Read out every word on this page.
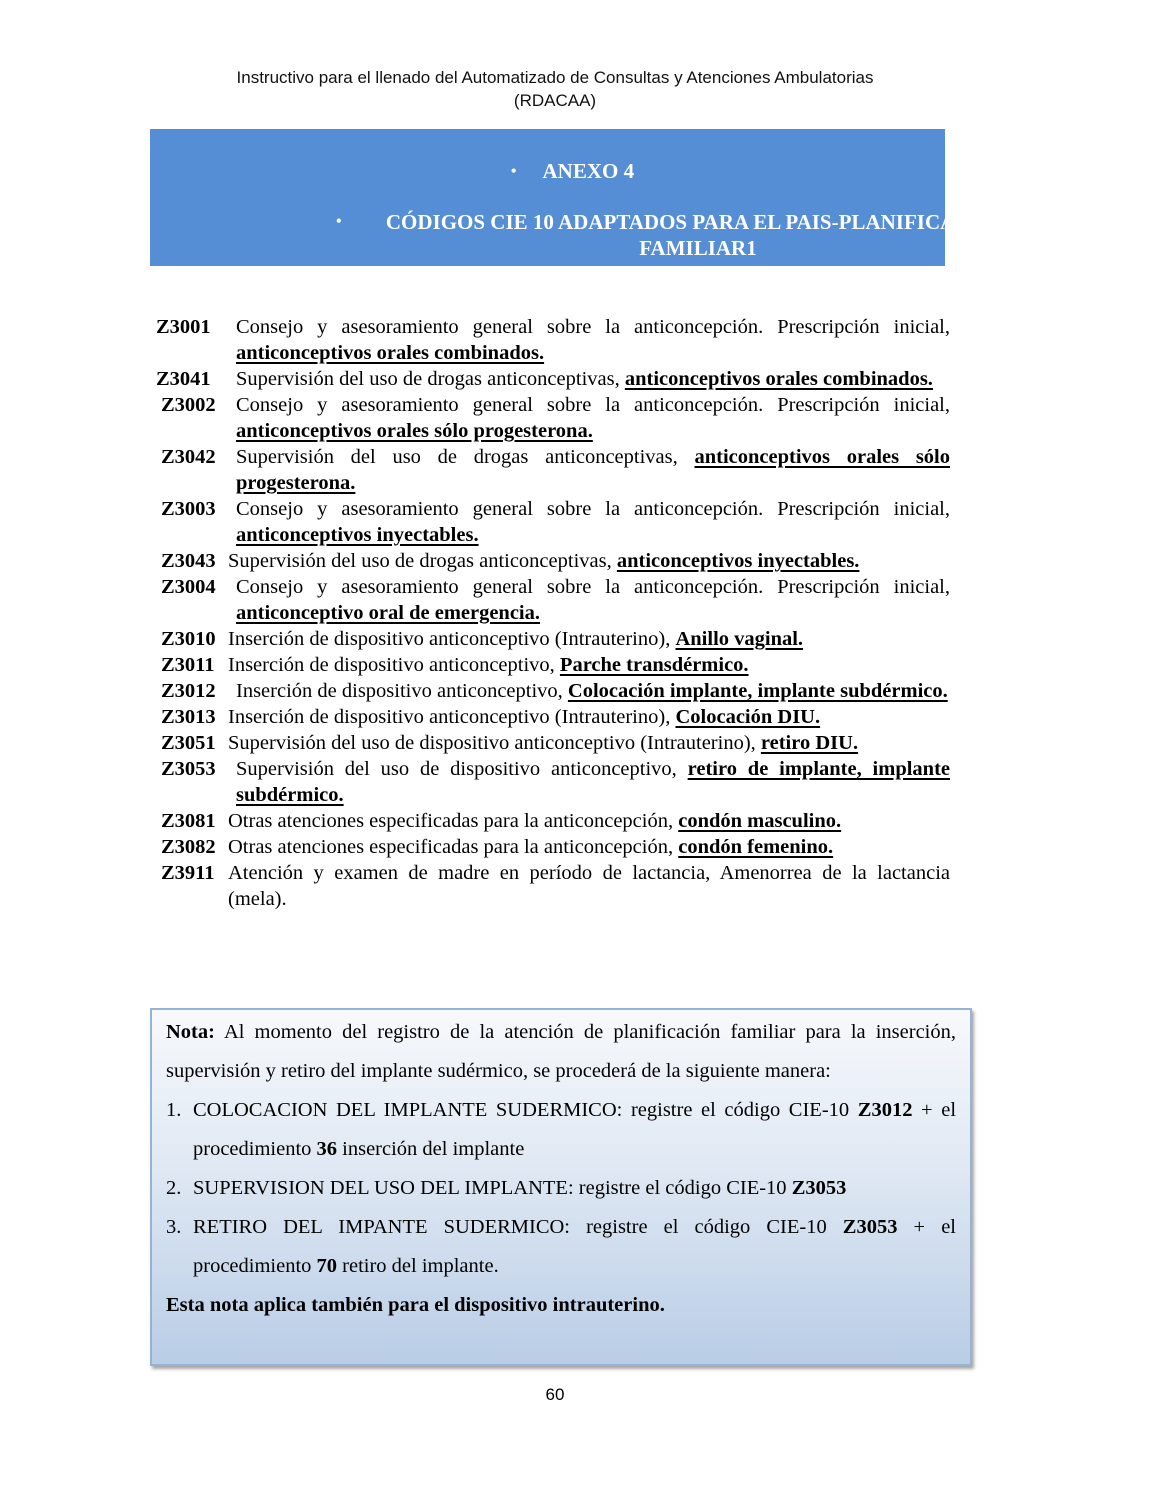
Instructivo para el llenado del Automatizado de Consultas y Atenciones Ambulatorias
(RDACAA)
• ANEXO 4
• CÓDIGOS CIE 10 ADAPTADOS PARA EL PAIS-PLANIFICACIÓN FAMILIAR1
Z3001	Consejo y asesoramiento general sobre la anticoncepción. Prescripción inicial, anticonceptivos orales combinados.
Z3041	Supervisión del uso de drogas anticonceptivas, anticonceptivos orales combinados.
Z3002 Consejo y asesoramiento general sobre la anticoncepción. Prescripción inicial, anticonceptivos orales sólo progesterona.
Z3042 Supervisión del uso de drogas anticonceptivas, anticonceptivos orales sólo progesterona.
Z3003 Consejo y asesoramiento general sobre la anticoncepción. Prescripción inicial, anticonceptivos inyectables.
Z3043 Supervisión del uso de drogas anticonceptivas, anticonceptivos inyectables.
Z3004 Consejo y asesoramiento general sobre la anticoncepción. Prescripción inicial, anticonceptivo oral de emergencia.
Z3010 Inserción de dispositivo anticonceptivo (Intrauterino), Anillo vaginal.
Z3011 Inserción de dispositivo anticonceptivo, Parche transdérmico.
Z3012 Inserción de dispositivo anticonceptivo, Colocación implante, implante subdérmico.
Z3013 Inserción de dispositivo anticonceptivo (Intrauterino), Colocación DIU.
Z3051 Supervisión del uso de dispositivo anticonceptivo (Intrauterino), retiro DIU.
Z3053 Supervisión del uso de dispositivo anticonceptivo, retiro de implante, implante subdérmico.
Z3081 Otras atenciones especificadas para la anticoncepción, condón masculino.
Z3082 Otras atenciones especificadas para la anticoncepción, condón femenino.
Z3911 Atención y examen de madre en período de lactancia, Amenorrea de la lactancia (mela).

Nota: Al momento del registro de la atención de planificación familiar para la inserción, supervisión y retiro del implante sudérmico, se procederá de la siguiente manera:

1. COLOCACION DEL IMPLANTE SUDERMICO: registre el código CIE-10 Z3012 + el procedimiento 36 inserción del implante
2. SUPERVISION DEL USO DEL IMPLANTE: registre el código CIE-10 Z3053
3. RETIRO DEL IMPANTE SUDERMICO: registre el código CIE-10 Z3053 + el procedimiento 70 retiro del implante.

Esta nota aplica también para el dispositivo intrauterino.

60
